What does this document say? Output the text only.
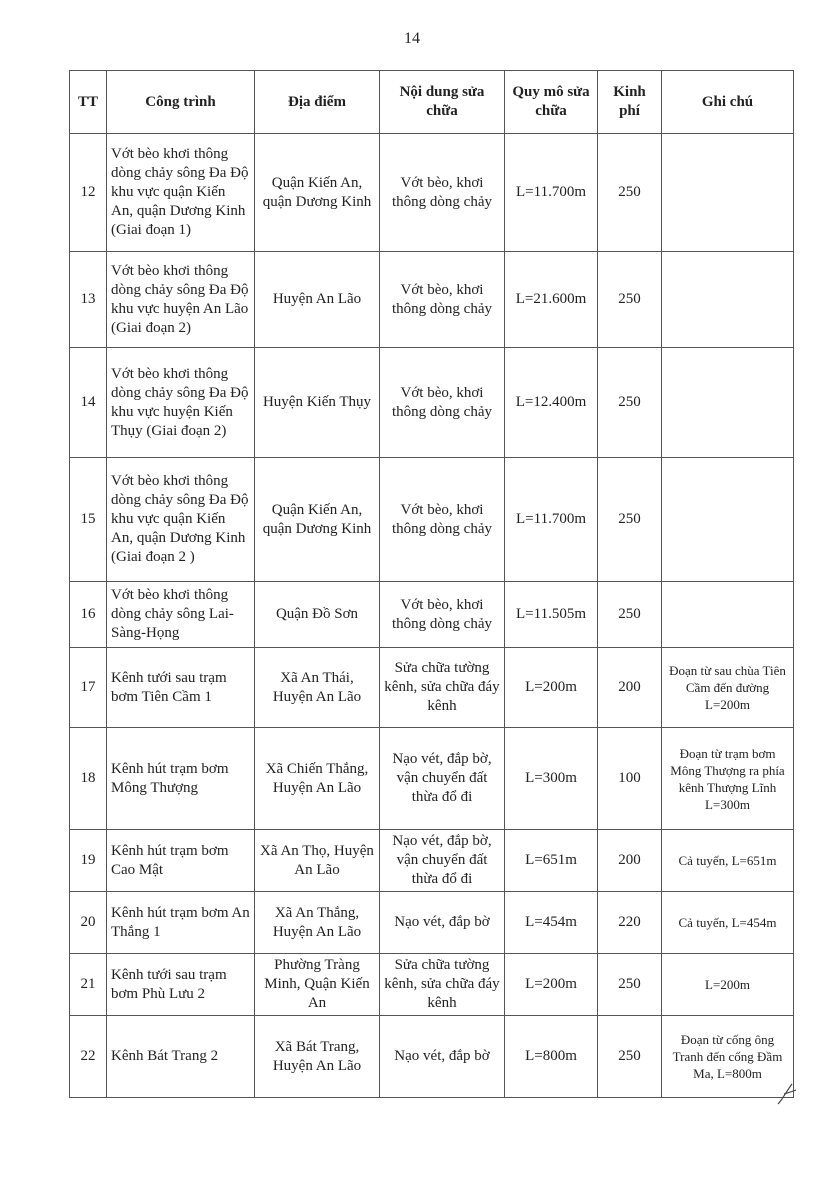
14
TT	Công trình	Địa điểm	Nội dung sửa chữa	Quy mô sửa chữa	Kinh phí	Ghi chú
12	Vớt bèo khơi thông dòng chảy sông Đa Độ khu vực quận Kiến An, quận Dương Kinh (Giai đoạn 1)	Quận Kiến An, quận Dương Kinh	Vớt bèo, khơi thông dòng chảy	L=11.700m	250	
13	Vớt bèo khơi thông dòng chảy sông Đa Độ khu vực huyện An Lão (Giai đoạn 2)	Huyện An Lão	Vớt bèo, khơi thông dòng chảy	L=21.600m	250	
14	Vớt bèo khơi thông dòng chảy sông Đa Độ khu vực huyện Kiến Thụy (Giai đoạn 2)	Huyện Kiến Thụy	Vớt bèo, khơi thông dòng chảy	L=12.400m	250	
15	Vớt bèo khơi thông dòng chảy sông Đa Độ khu vực quận Kiến An, quận Dương Kinh (Giai đoạn 2 )	Quận Kiến An, quận Dương Kinh	Vớt bèo, khơi thông dòng chảy	L=11.700m	250	
16	Vớt bèo khơi thông dòng chảy sông Lai-Sàng-Họng	Quận Đồ Sơn	Vớt bèo, khơi thông dòng chảy	L=11.505m	250	
17	Kênh tưới sau trạm bơm Tiên Cầm 1	Xã An Thái, Huyện An Lão	Sửa chữa tường kênh, sửa chữa đáy kênh	L=200m	200	Đoạn từ sau chùa Tiên Cầm đến đường L=200m
18	Kênh hút trạm bơm Mông Thượng	Xã Chiến Thắng, Huyện An Lão	Nạo vét, đắp bờ, vận chuyển đất thừa đổ đi	L=300m	100	Đoạn từ trạm bơm Mông Thượng ra phía kênh Thượng Lĩnh L=300m
19	Kênh hút trạm bơm Cao Mật	Xã An Thọ, Huyện An Lão	Nạo vét, đắp bờ, vận chuyển đất thừa đổ đi	L=651m	200	Cả tuyến, L=651m
20	Kênh hút trạm bơm An Thắng 1	Xã An Thắng, Huyện An Lão	Nạo vét, đắp bờ	L=454m	220	Cả tuyến, L=454m
21	Kênh tưới sau trạm bơm Phù Lưu 2	Phường Tràng Minh, Quận Kiến An	Sửa chữa tường kênh, sửa chữa đáy kênh	L=200m	250	L=200m
22	Kênh Bát Trang 2	Xã Bát Trang, Huyện An Lão	Nạo vét, đắp bờ	L=800m	250	Đoạn từ cống ông Tranh đến cống Đầm Ma, L=800m
